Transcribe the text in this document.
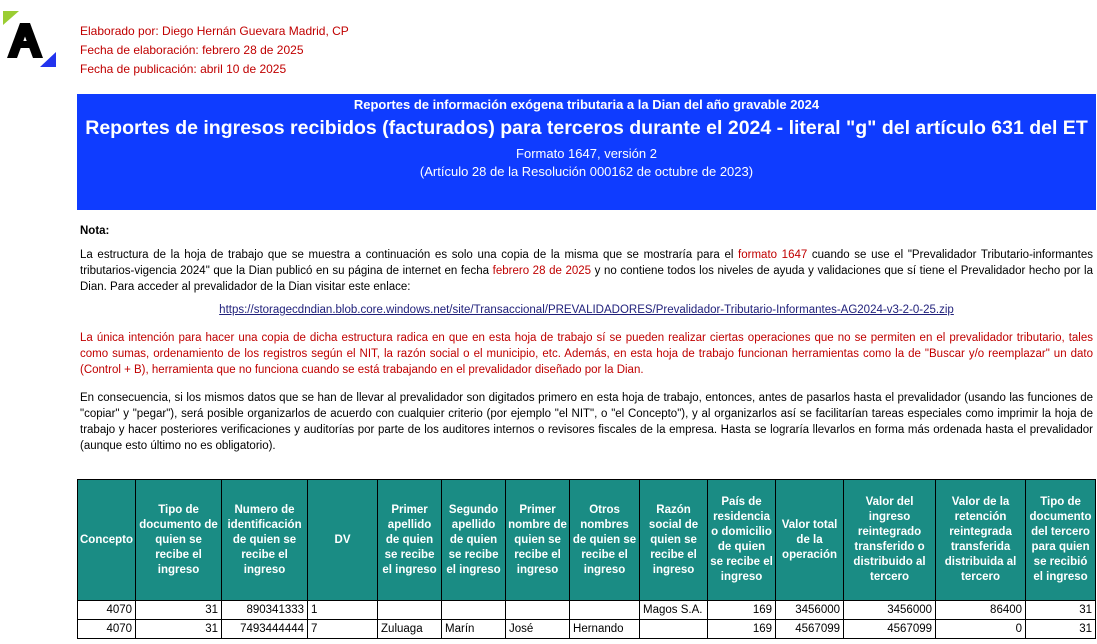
Elaborado por: Diego Hernán Guevara Madrid, CP
Fecha de elaboración: febrero 28 de 2025
Fecha de publicación: abril 10 de 2025
Reportes de información exógena tributaria a la Dian del año gravable 2024
Reportes de ingresos recibidos (facturados) para terceros durante el 2024 - literal "g" del artículo 631 del ET
Formato 1647, versión 2
(Artículo 28 de la Resolución 000162 de octubre de 2023)

Nota:

La estructura de la hoja de trabajo que se muestra a continuación es solo una copia de la misma que se mostraría para el formato 1647 cuando se use el "Prevalidador Tributario-informantes tributarios-vigencia 2024" que la Dian publicó en su página de internet en fecha febrero 28 de 2025 y no contiene todos los niveles de ayuda y validaciones que sí tiene el Prevalidador hecho por la Dian. Para acceder al prevalidador de la Dian visitar este enlace:

https://storagecdndian.blob.core.windows.net/site/Transaccional/PREVALIDADORES/Prevalidador-Tributario-Informantes-AG2024-v3-2-0-25.zip

La única intención para hacer una copia de dicha estructura radica en que en esta hoja de trabajo sí se pueden realizar ciertas operaciones que no se permiten en el prevalidador tributario, tales como sumas, ordenamiento de los registros según el NIT, la razón social o el municipio, etc. Además, en esta hoja de trabajo funcionan herramientas como la de "Buscar y/o reemplazar" un dato (Control + B), herramienta que no funciona cuando se está trabajando en el prevalidador diseñado por la Dian.

En consecuencia, si los mismos datos que se han de llevar al prevalidador son digitados primero en esta hoja de trabajo, entonces, antes de pasarlos hasta el prevalidador (usando las funciones de "copiar" y "pegar"), será posible organizarlos de acuerdo con cualquier criterio (por ejemplo "el NIT", o "el Concepto"), y al organizarlos así se facilitarían tareas especiales como imprimir la hoja de trabajo y hacer posteriores verificaciones y auditorías por parte de los auditores internos o revisores fiscales de la empresa. Hasta se lograría llevarlos en forma más ordenada hasta el prevalidador (aunque esto último no es obligatorio).

Concepto	Tipo de documento de quien se recibe el ingreso	Numero de identificación de quien se recibe el ingreso	DV	Primer apellido de quien se recibe el ingreso	Segundo apellido de quien se recibe el ingreso	Primer nombre de quien se recibe el ingreso	Otros nombres de quien se recibe el ingreso	Razón social de quien se recibe el ingreso	País de residencia o domicilio de quien se recibe el ingreso	Valor total de la operación	Valor del ingreso reintegrado transferido o distribuido al tercero	Valor de la retención reintegrada transferida distribuida al tercero	Tipo de documento del tercero para quien se recibió el ingreso
4070	31	890341333	1					Magos S.A.	169	3456000	3456000	86400	31
4070	31	7493444444	7	Zuluaga	Marín	José	Hernando		169	4567099	4567099	0	31
